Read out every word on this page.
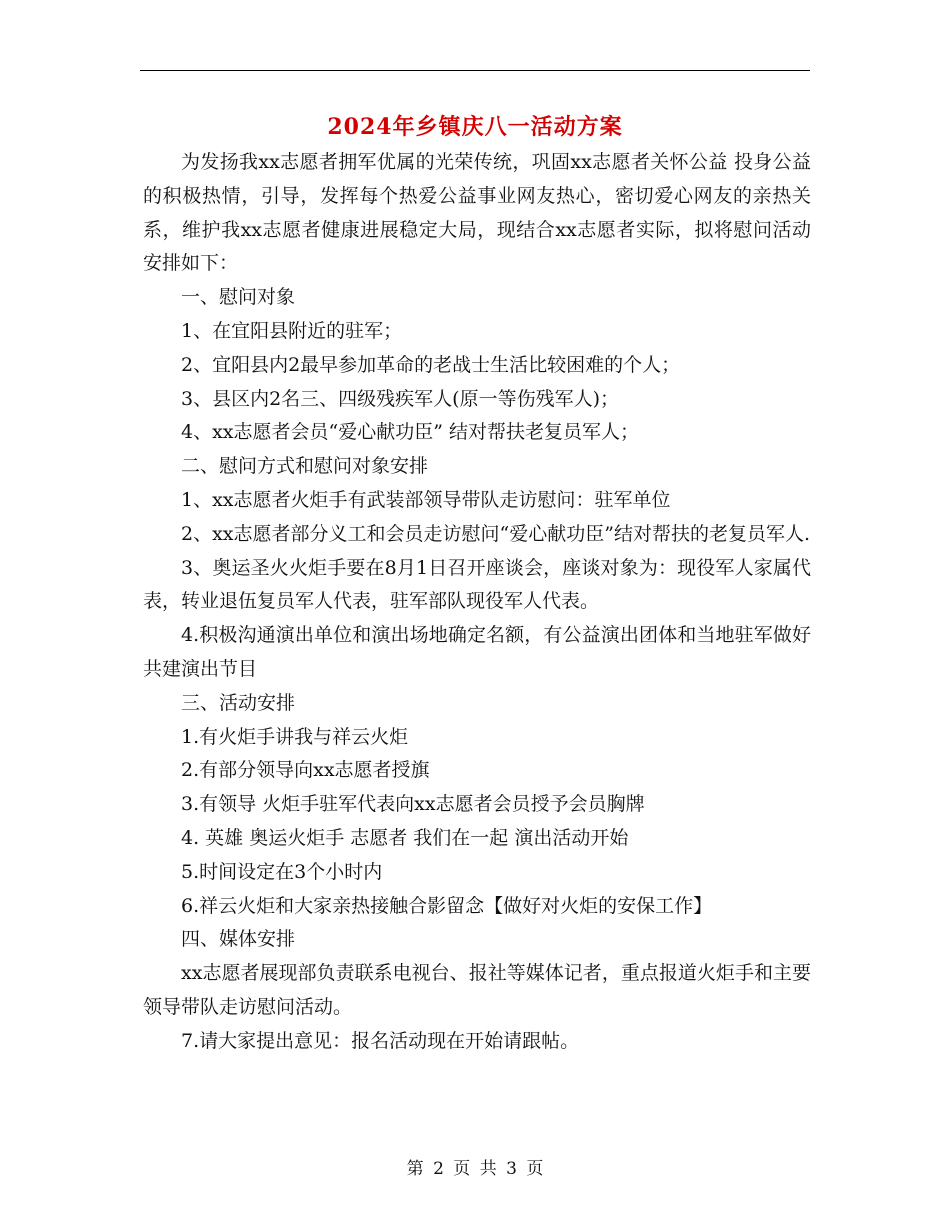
2024年乡镇庆八一活动方案

为发扬我xx志愿者拥军优属的光荣传统，巩固xx志愿者关怀公益 投身公益的积极热情，引导，发挥每个热爱公益事业网友热心，密切爱心网友的亲热关系，维护我xx志愿者健康进展稳定大局，现结合xx志愿者实际，拟将慰问活动安排如下：

一、慰问对象

1、在宜阳县附近的驻军；

2、宜阳县内2最早参加革命的老战士生活比较困难的个人；

3、县区内2名三、四级残疾军人(原一等伤残军人)；

4、xx志愿者会员“爱心献功臣” 结对帮扶老复员军人；

二、慰问方式和慰问对象安排

1、xx志愿者火炬手有武装部领导带队走访慰问：驻军单位

2、xx志愿者部分义工和会员走访慰问“爱心献功臣”结对帮扶的老复员军人.

3、奥运圣火火炬手要在8月1日召开座谈会，座谈对象为：现役军人家属代表，转业退伍复员军人代表，驻军部队现役军人代表。

4.积极沟通演出单位和演出场地确定名额，有公益演出团体和当地驻军做好共建演出节目

三、活动安排

1.有火炬手讲我与祥云火炬

2.有部分领导向xx志愿者授旗

3.有领导 火炬手驻军代表向xx志愿者会员授予会员胸牌

4. 英雄 奥运火炬手 志愿者 我们在一起 演出活动开始

5.时间设定在3个小时内

6.祥云火炬和大家亲热接触合影留念【做好对火炬的安保工作】

四、媒体安排

xx志愿者展现部负责联系电视台、报社等媒体记者，重点报道火炬手和主要领导带队走访慰问活动。

7.请大家提出意见：报名活动现在开始请跟帖。

第 2 页 共 3 页
